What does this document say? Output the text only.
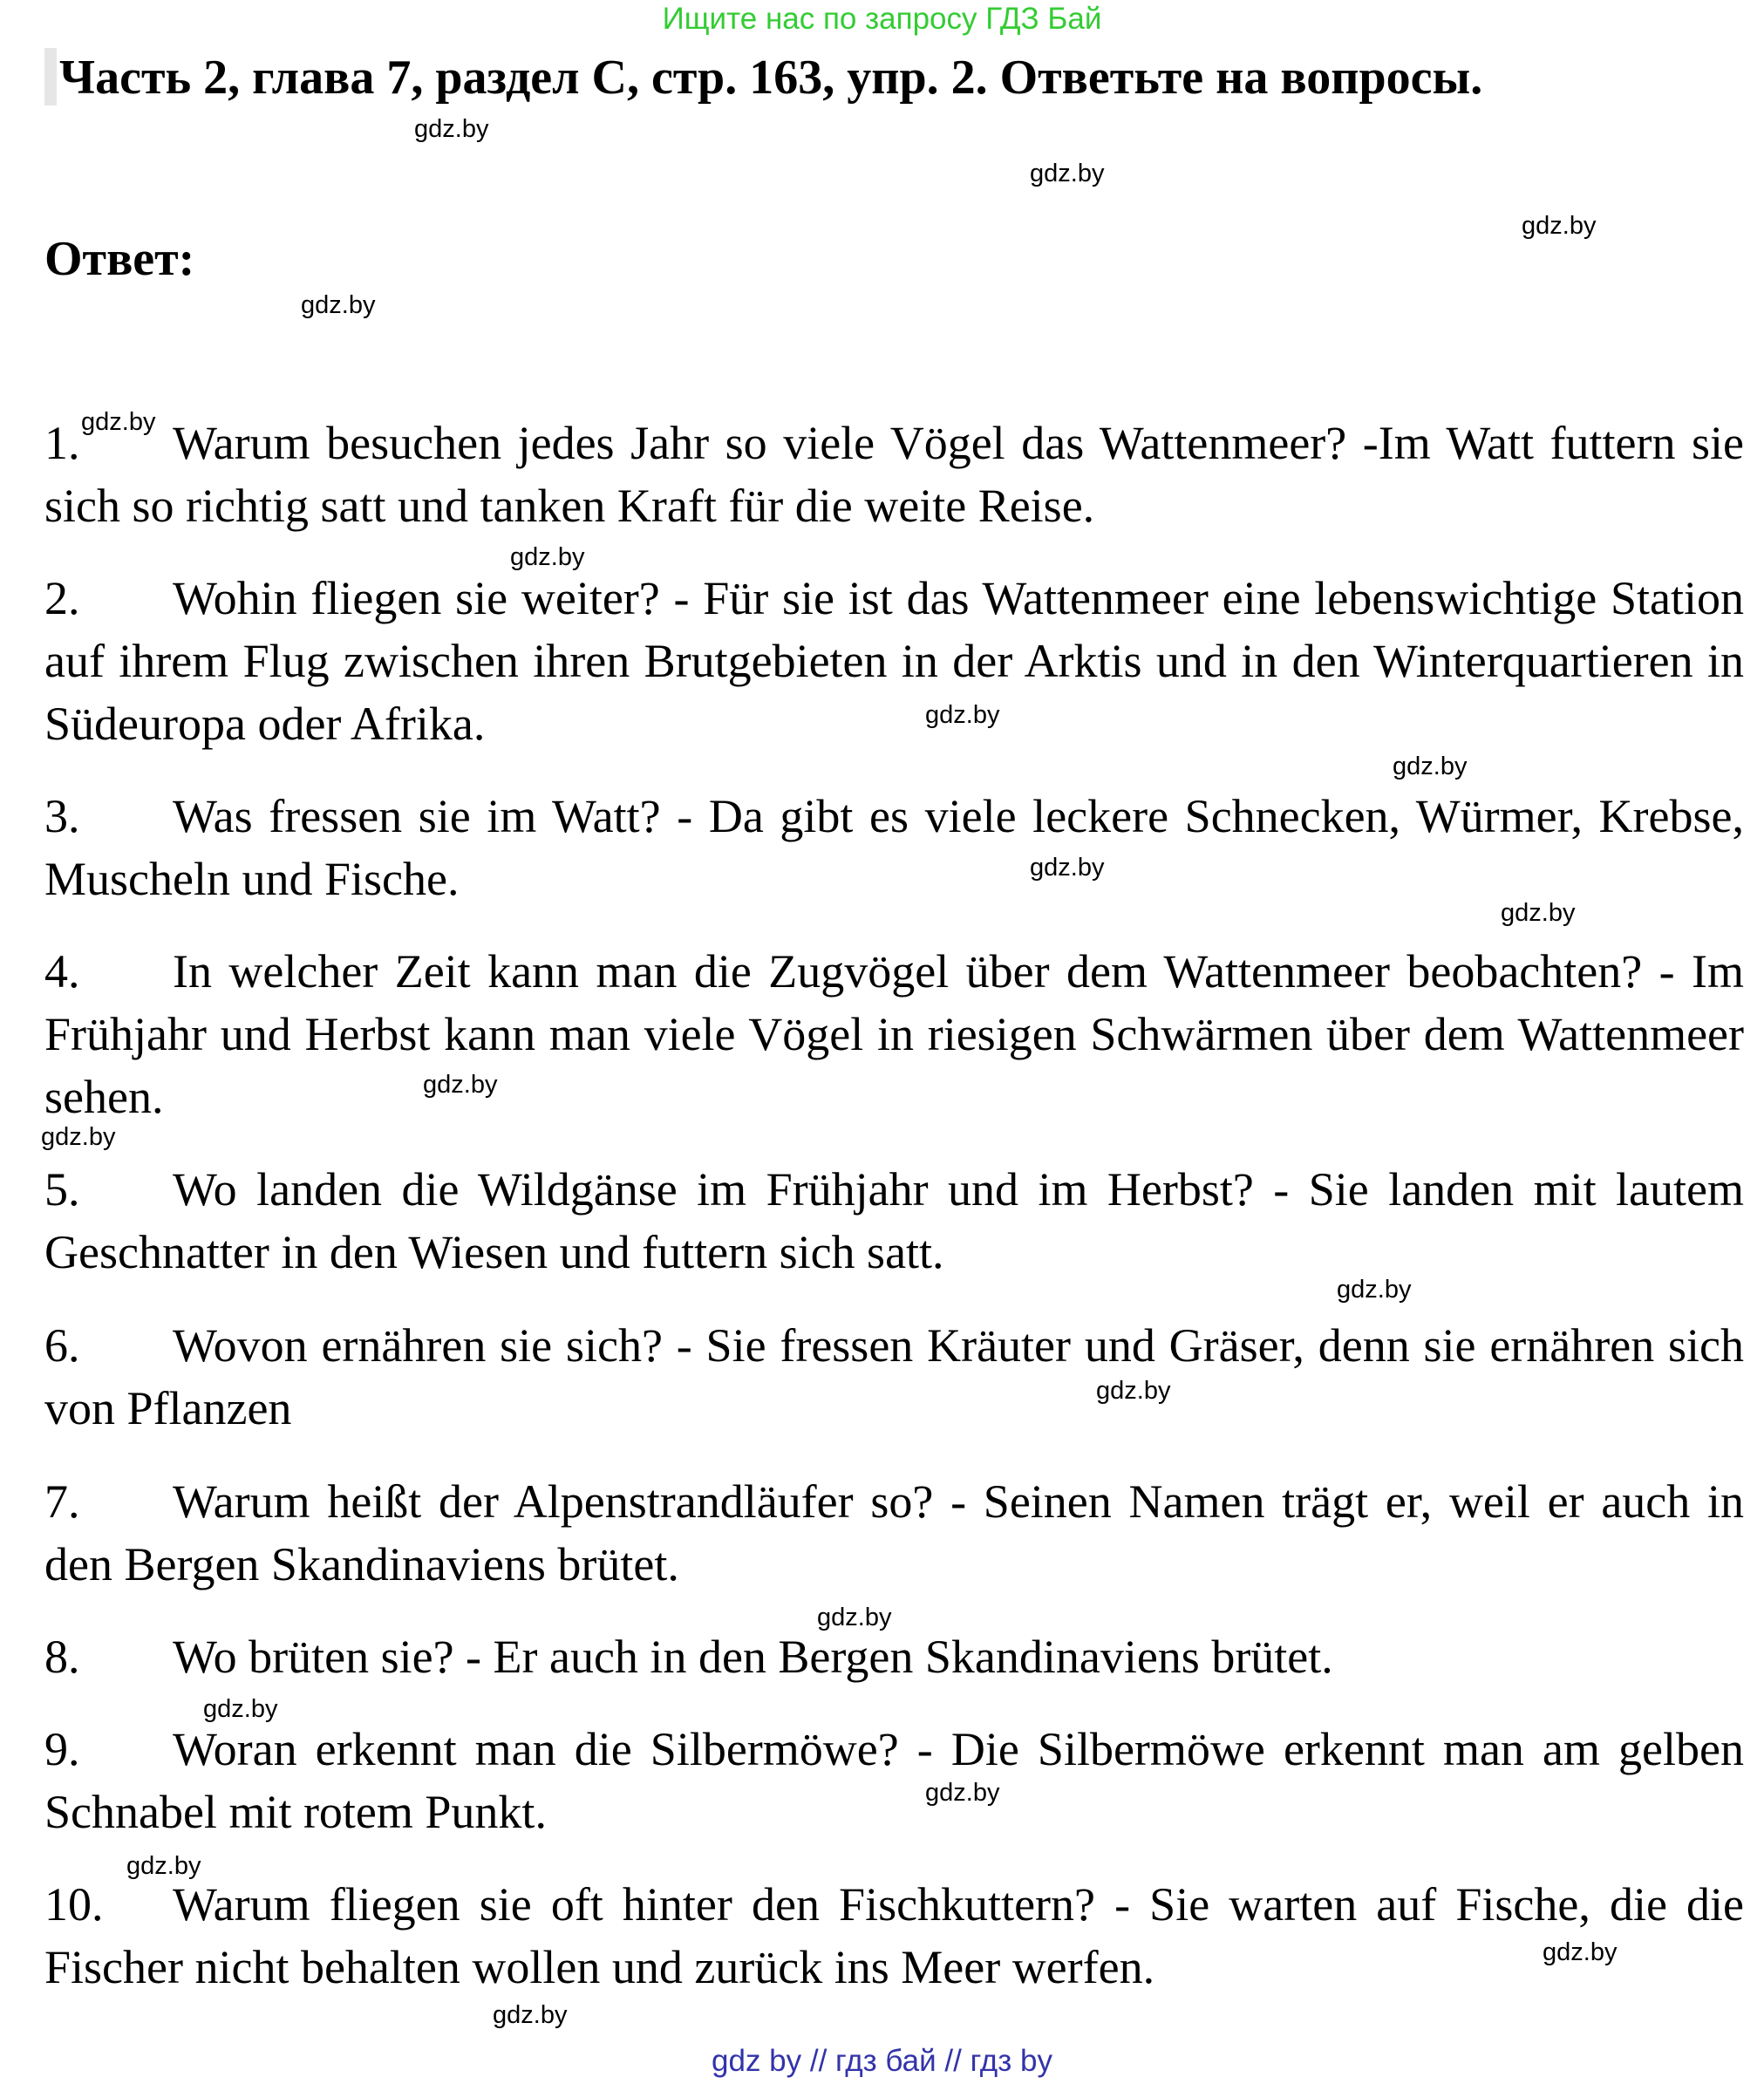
Ищите нас по запросу ГДЗ Бай
Часть 2, глава 7, раздел C, стр. 163, упр. 2. Ответьте на вопросы.
Ответ:
1. Warum besuchen jedes Jahr so viele Vögel das Wattenmeer? -Im Watt futtern sie sich so richtig satt und tanken Kraft für die weite Reise.
2. Wohin fliegen sie weiter? - Für sie ist das Wattenmeer eine lebenswichtige Station auf ihrem Flug zwischen ihren Brutgebieten in der Arktis und in den Winterquartieren in Südeuropa oder Afrika.
3. Was fressen sie im Watt? - Da gibt es viele leckere Schnecken, Würmer, Krebse, Muscheln und Fische.
4. In welcher Zeit kann man die Zugvögel über dem Wattenmeer beobachten? - Im Frühjahr und Herbst kann man viele Vögel in riesigen Schwärmen über dem Wattenmeer sehen.
5. Wo landen die Wildgänse im Frühjahr und im Herbst? - Sie landen mit lautem Geschnatter in den Wiesen und futtern sich satt.
6. Wovon ernähren sie sich? - Sie fressen Kräuter und Gräser, denn sie ernähren sich von Pflanzen
7. Warum heißt der Alpenstrandläufer so? - Seinen Namen trägt er, weil er auch in den Bergen Skandinaviens brütet.
8. Wo brüten sie? - Er auch in den Bergen Skandinaviens brütet.
9. Woran erkennt man die Silbermöwe? - Die Silbermöwe erkennt man am gelben Schnabel mit rotem Punkt.
10. Warum fliegen sie oft hinter den Fischkuttern? - Sie warten auf Fische, die die Fischer nicht behalten wollen und zurück ins Meer werfen.
gdz.by
gdz.by
gdz.by
gdz.by
gdz.by
gdz.by
gdz.by
gdz.by
gdz.by
gdz.by
gdz.by
gdz.by
gdz.by
gdz.by
gdz.by
gdz.by
gdz.by
gdz.by
gdz.by
gdz.by
gdz by // гдз бай // гдз by
